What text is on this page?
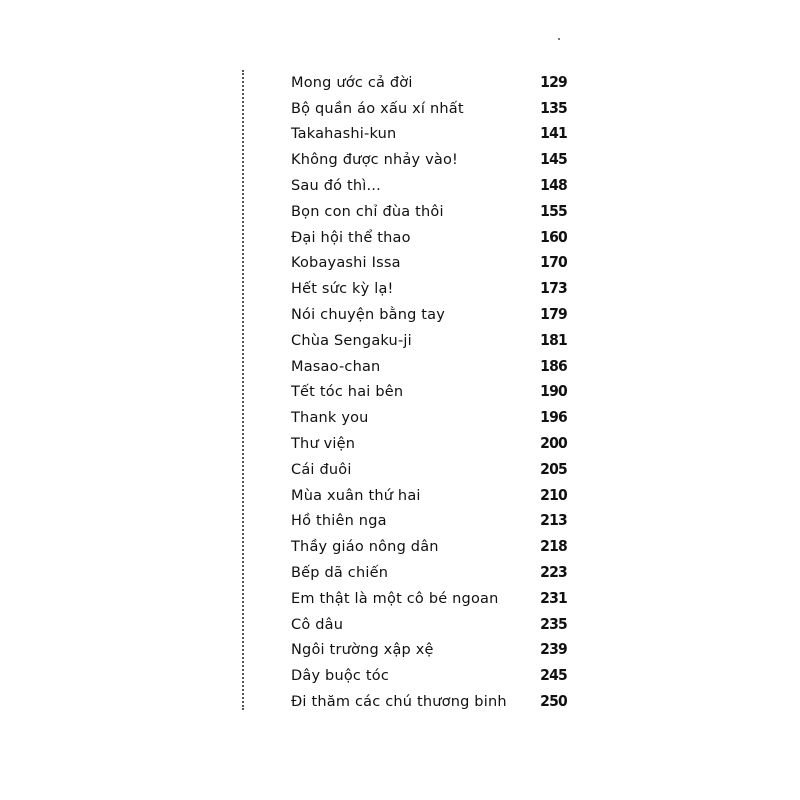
Mong ước cả đời	129
Bộ quần áo xấu xí nhất	135
Takahashi-kun	141
Không được nhảy vào!	145
Sau đó thì...	148
Bọn con chỉ đùa thôi	155
Đại hội thể thao	160
Kobayashi Issa	170
Hết sức kỳ lạ!	173
Nói chuyện bằng tay	179
Chùa Sengaku-ji	181
Masao-chan	186
Tết tóc hai bên	190
Thank you	196
Thư viện	200
Cái đuôi	205
Mùa xuân thứ hai	210
Hồ thiên nga	213
Thầy giáo nông dân	218
Bếp dã chiến	223
Em thật là một cô bé ngoan	231
Cô dâu	235
Ngôi trường xập xệ	239
Dây buộc tóc	245
Đi thăm các chú thương binh 250
